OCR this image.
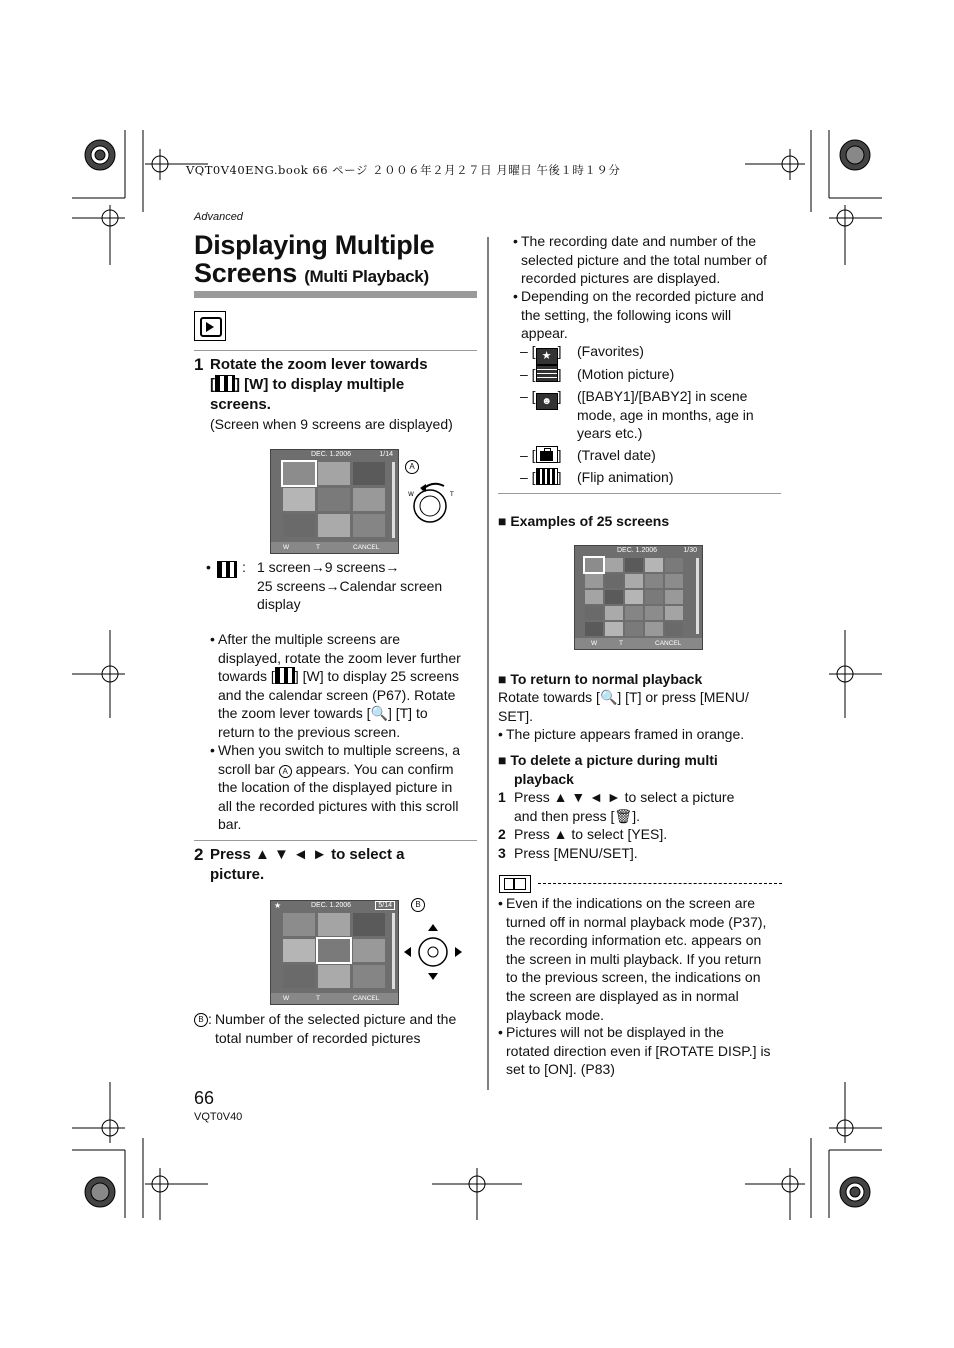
VQT0V40ENG.book 66 ページ ２００６年２月２７日 月曜日 午後１時１９分
Advanced
Displaying Multiple Screens (Multi Playback)
1 Rotate the zoom lever towards
[ ] [W] to display multiple
screens.
(Screen when 9 screens are displayed)
DEC. 1.2006	1/14
W	T	CANCEL
A
W	T
• : 1 screen→9 screens→
25 screens→Calendar screen
display
• After the multiple screens are
displayed, rotate the zoom lever further
towards [ ] [W] to display 25 screens
and the calendar screen (P67). Rotate
the zoom lever towards [🔍] [T] to
return to the previous screen.
• When you switch to multiple screens, a
scroll bar A appears. You can confirm
the location of the displayed picture in
all the recorded pictures with this scroll
bar.
2 Press ▲ ▼ ◄ ► to select a
picture.
★	DEC. 1.2006	5/14
W	T	CANCEL
B
B : Number of the selected picture and the
total number of recorded pictures
• The recording date and number of the
selected picture and the total number of
recorded pictures are displayed.
• Depending on the recorded picture and
the setting, the following icons will
appear.
– [ ★ ] (Favorites)
– [ ] (Motion picture)
– [ ☻ ] ([BABY1]/[BABY2] in scene
mode, age in months, age in
years etc.)
– [ ] (Travel date)
– [ ] (Flip animation)
■ Examples of 25 screens
DEC. 1.2006	1/30
W	T	CANCEL
■ To return to normal playback
Rotate towards [🔍] [T] or press [MENU/
SET].
• The picture appears framed in orange.
■ To delete a picture during multi
playback
1 Press ▲ ▼ ◄ ► to select a picture
and then press [🗑].
2 Press ▲ to select [YES].
3 Press [MENU/SET].
• Even if the indications on the screen are
turned off in normal playback mode (P37),
the recording information etc. appears on
the screen in multi playback. If you return
to the previous screen, the indications on
the screen are displayed as in normal
playback mode.
• Pictures will not be displayed in the
rotated direction even if [ROTATE DISP.] is
set to [ON]. (P83)
66
VQT0V40
